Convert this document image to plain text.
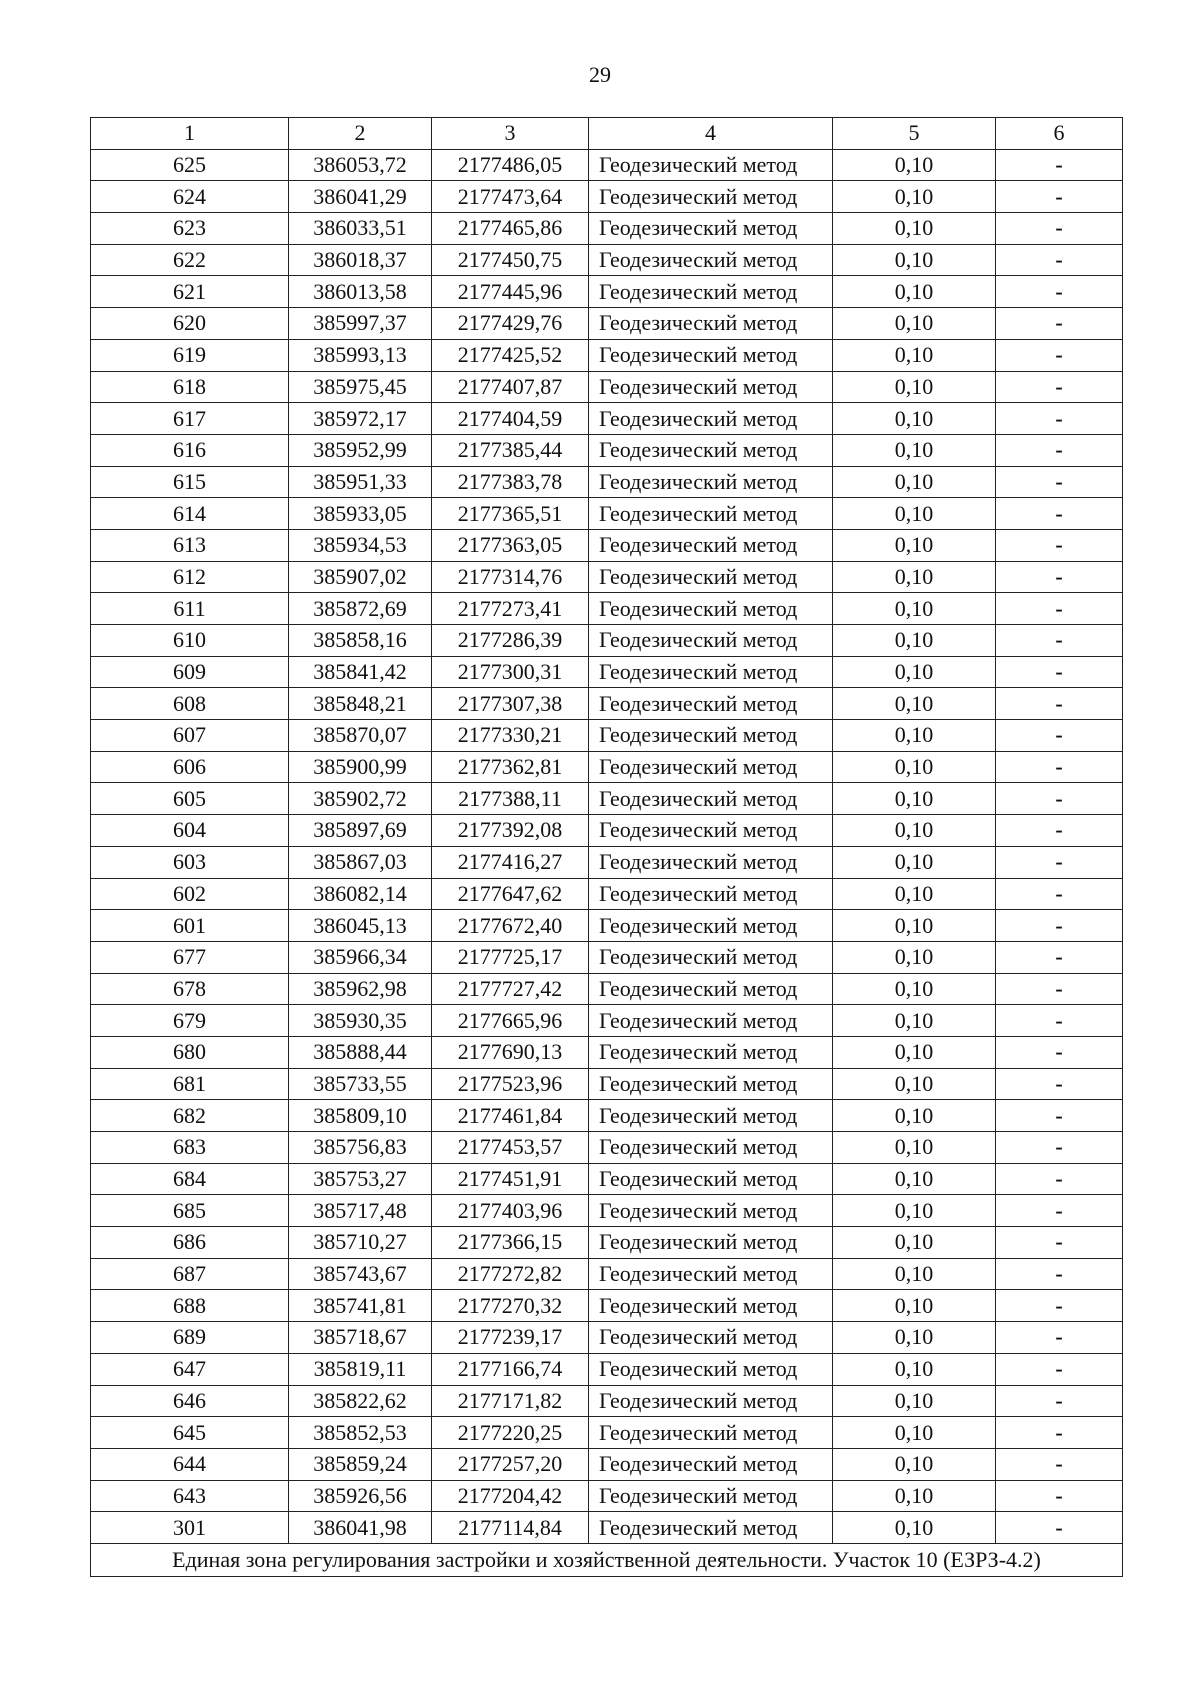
29
1	2	3	4	5	6
625	386053,72	2177486,05	Геодезический метод	0,10	-
624	386041,29	2177473,64	Геодезический метод	0,10	-
623	386033,51	2177465,86	Геодезический метод	0,10	-
622	386018,37	2177450,75	Геодезический метод	0,10	-
621	386013,58	2177445,96	Геодезический метод	0,10	-
620	385997,37	2177429,76	Геодезический метод	0,10	-
619	385993,13	2177425,52	Геодезический метод	0,10	-
618	385975,45	2177407,87	Геодезический метод	0,10	-
617	385972,17	2177404,59	Геодезический метод	0,10	-
616	385952,99	2177385,44	Геодезический метод	0,10	-
615	385951,33	2177383,78	Геодезический метод	0,10	-
614	385933,05	2177365,51	Геодезический метод	0,10	-
613	385934,53	2177363,05	Геодезический метод	0,10	-
612	385907,02	2177314,76	Геодезический метод	0,10	-
611	385872,69	2177273,41	Геодезический метод	0,10	-
610	385858,16	2177286,39	Геодезический метод	0,10	-
609	385841,42	2177300,31	Геодезический метод	0,10	-
608	385848,21	2177307,38	Геодезический метод	0,10	-
607	385870,07	2177330,21	Геодезический метод	0,10	-
606	385900,99	2177362,81	Геодезический метод	0,10	-
605	385902,72	2177388,11	Геодезический метод	0,10	-
604	385897,69	2177392,08	Геодезический метод	0,10	-
603	385867,03	2177416,27	Геодезический метод	0,10	-
602	386082,14	2177647,62	Геодезический метод	0,10	-
601	386045,13	2177672,40	Геодезический метод	0,10	-
677	385966,34	2177725,17	Геодезический метод	0,10	-
678	385962,98	2177727,42	Геодезический метод	0,10	-
679	385930,35	2177665,96	Геодезический метод	0,10	-
680	385888,44	2177690,13	Геодезический метод	0,10	-
681	385733,55	2177523,96	Геодезический метод	0,10	-
682	385809,10	2177461,84	Геодезический метод	0,10	-
683	385756,83	2177453,57	Геодезический метод	0,10	-
684	385753,27	2177451,91	Геодезический метод	0,10	-
685	385717,48	2177403,96	Геодезический метод	0,10	-
686	385710,27	2177366,15	Геодезический метод	0,10	-
687	385743,67	2177272,82	Геодезический метод	0,10	-
688	385741,81	2177270,32	Геодезический метод	0,10	-
689	385718,67	2177239,17	Геодезический метод	0,10	-
647	385819,11	2177166,74	Геодезический метод	0,10	-
646	385822,62	2177171,82	Геодезический метод	0,10	-
645	385852,53	2177220,25	Геодезический метод	0,10	-
644	385859,24	2177257,20	Геодезический метод	0,10	-
643	385926,56	2177204,42	Геодезический метод	0,10	-
301	386041,98	2177114,84	Геодезический метод	0,10	-
Единая зона регулирования застройки и хозяйственной деятельности. Участок 10 (ЕЗРЗ-4.2)					
